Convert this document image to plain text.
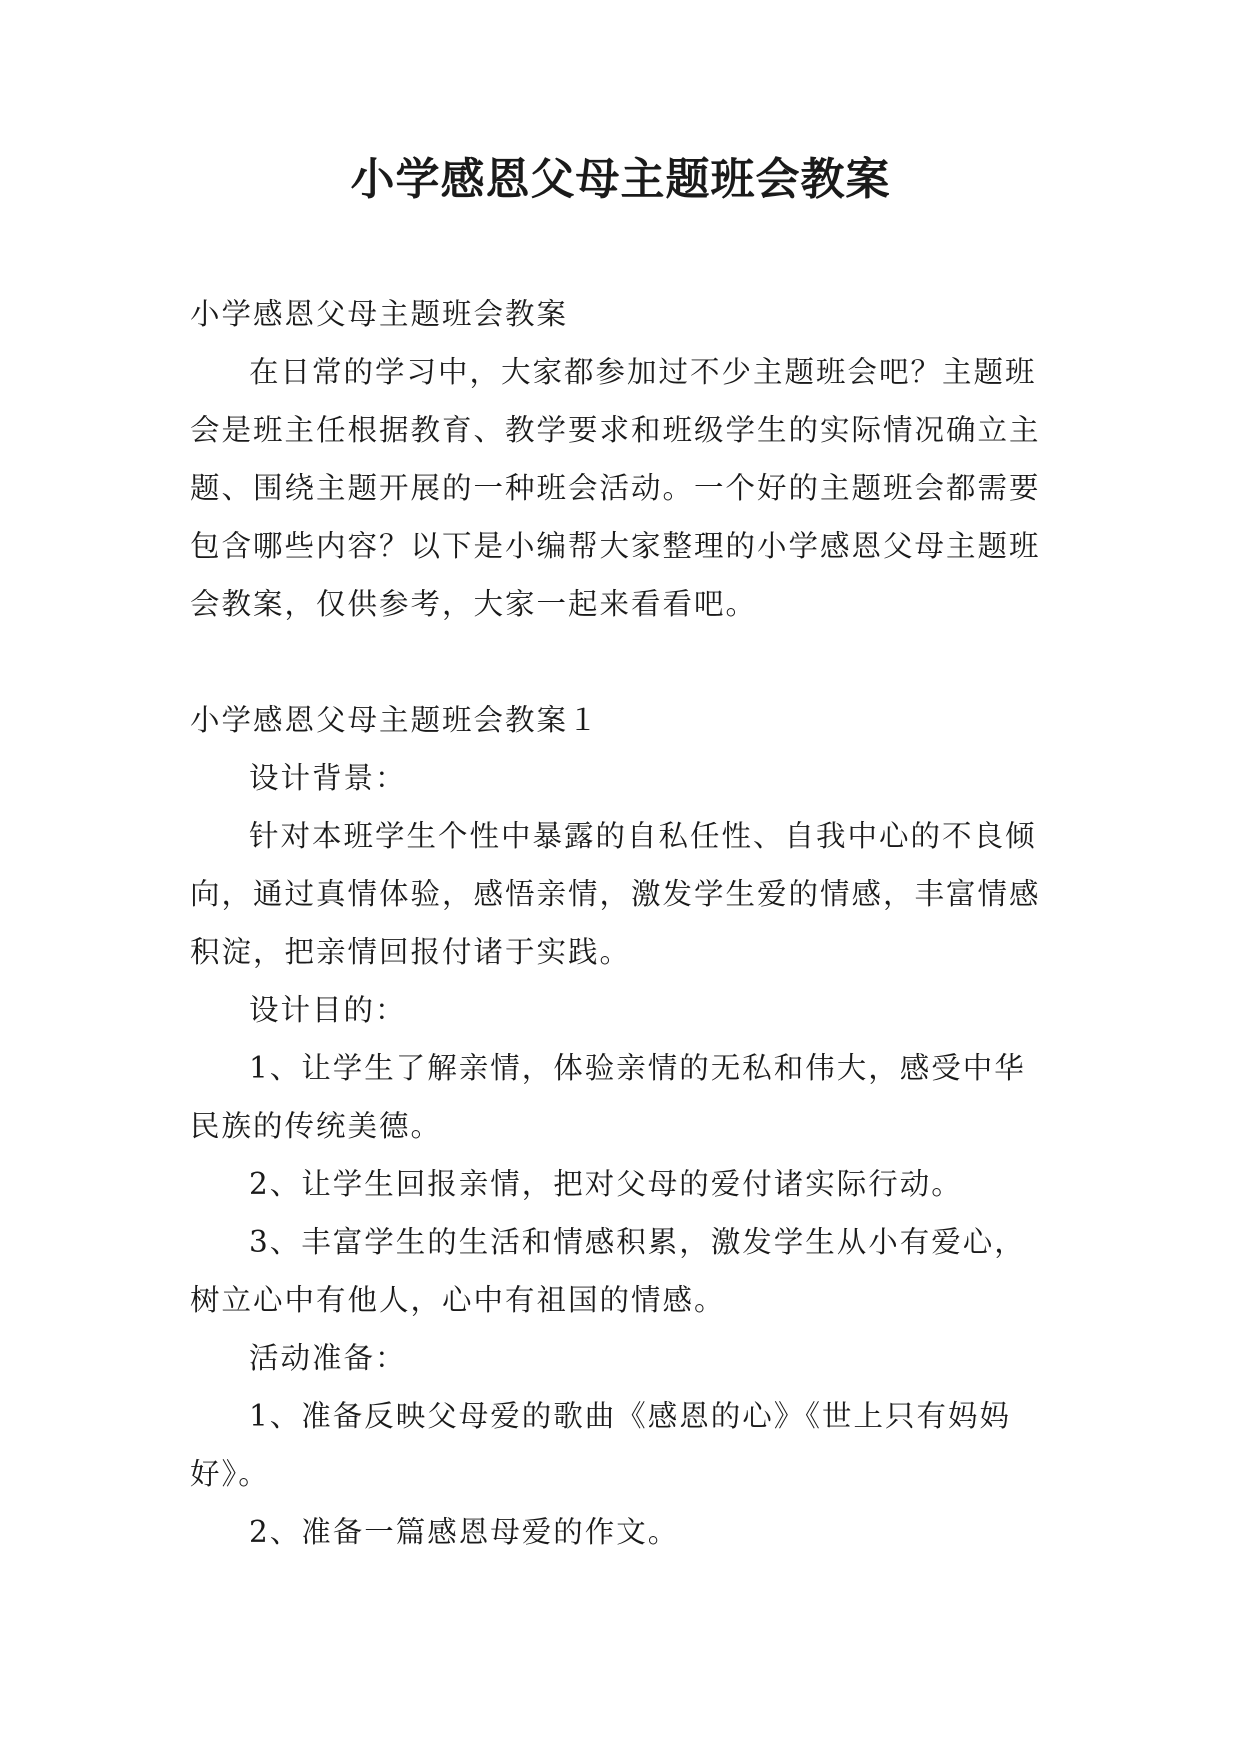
小学感恩父母主题班会教案

小学感恩父母主题班会教案

在日常的学习中，大家都参加过不少主题班会吧？主题班会是班主任根据教育、教学要求和班级学生的实际情况确立主题、围绕主题开展的一种班会活动。一个好的主题班会都需要包含哪些内容？以下是小编帮大家整理的小学感恩父母主题班会教案，仅供参考，大家一起来看看吧。

小学感恩父母主题班会教案１

设计背景：

针对本班学生个性中暴露的自私任性、自我中心的不良倾向，通过真情体验，感悟亲情，激发学生爱的情感，丰富情感积淀，把亲情回报付诸于实践。

设计目的：

1、让学生了解亲情，体验亲情的无私和伟大，感受中华民族的传统美德。

2、让学生回报亲情，把对父母的爱付诸实际行动。

3、丰富学生的生活和情感积累，激发学生从小有爱心，树立心中有他人，心中有祖国的情感。

活动准备：

1、准备反映父母爱的歌曲《感恩的心》《世上只有妈妈好》。

2、准备一篇感恩母爱的作文。
